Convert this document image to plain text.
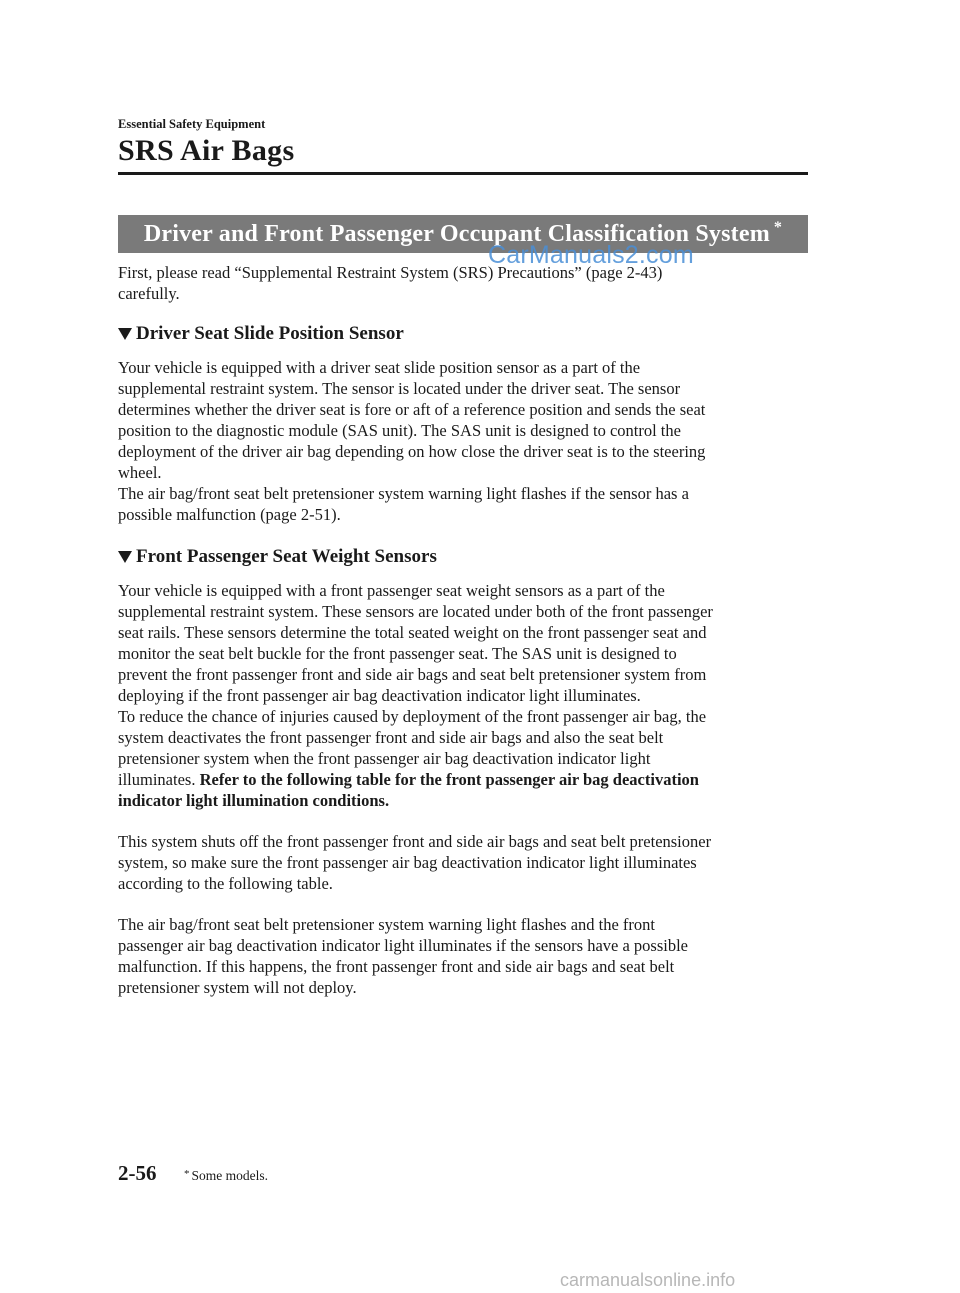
Essential Safety Equipment
SRS Air Bags
Driver and Front Passenger Occupant Classification System *
CarManuals2.com
First, please read “Supplemental Restraint System (SRS) Precautions” (page 2-43)
carefully.
Driver Seat Slide Position Sensor
Your vehicle is equipped with a driver seat slide position sensor as a part of the
supplemental restraint system. The sensor is located under the driver seat. The sensor
determines whether the driver seat is fore or aft of a reference position and sends the seat
position to the diagnostic module (SAS unit). The SAS unit is designed to control the
deployment of the driver air bag depending on how close the driver seat is to the steering
wheel.
The air bag/front seat belt pretensioner system warning light flashes if the sensor has a
possible malfunction (page 2-51).
Front Passenger Seat Weight Sensors
Your vehicle is equipped with a front passenger seat weight sensors as a part of the
supplemental restraint system. These sensors are located under both of the front passenger
seat rails. These sensors determine the total seated weight on the front passenger seat and
monitor the seat belt buckle for the front passenger seat. The SAS unit is designed to
prevent the front passenger front and side air bags and seat belt pretensioner system from
deploying if the front passenger air bag deactivation indicator light illuminates.
To reduce the chance of injuries caused by deployment of the front passenger air bag, the
system deactivates the front passenger front and side air bags and also the seat belt
pretensioner system when the front passenger air bag deactivation indicator light
illuminates. Refer to the following table for the front passenger air bag deactivation
indicator light illumination conditions.
This system shuts off the front passenger front and side air bags and seat belt pretensioner
system, so make sure the front passenger air bag deactivation indicator light illuminates
according to the following table.
The air bag/front seat belt pretensioner system warning light flashes and the front
passenger air bag deactivation indicator light illuminates if the sensors have a possible
malfunction. If this happens, the front passenger front and side air bags and seat belt
pretensioner system will not deploy.
2-56	* Some models.
carmanualsonline.info
